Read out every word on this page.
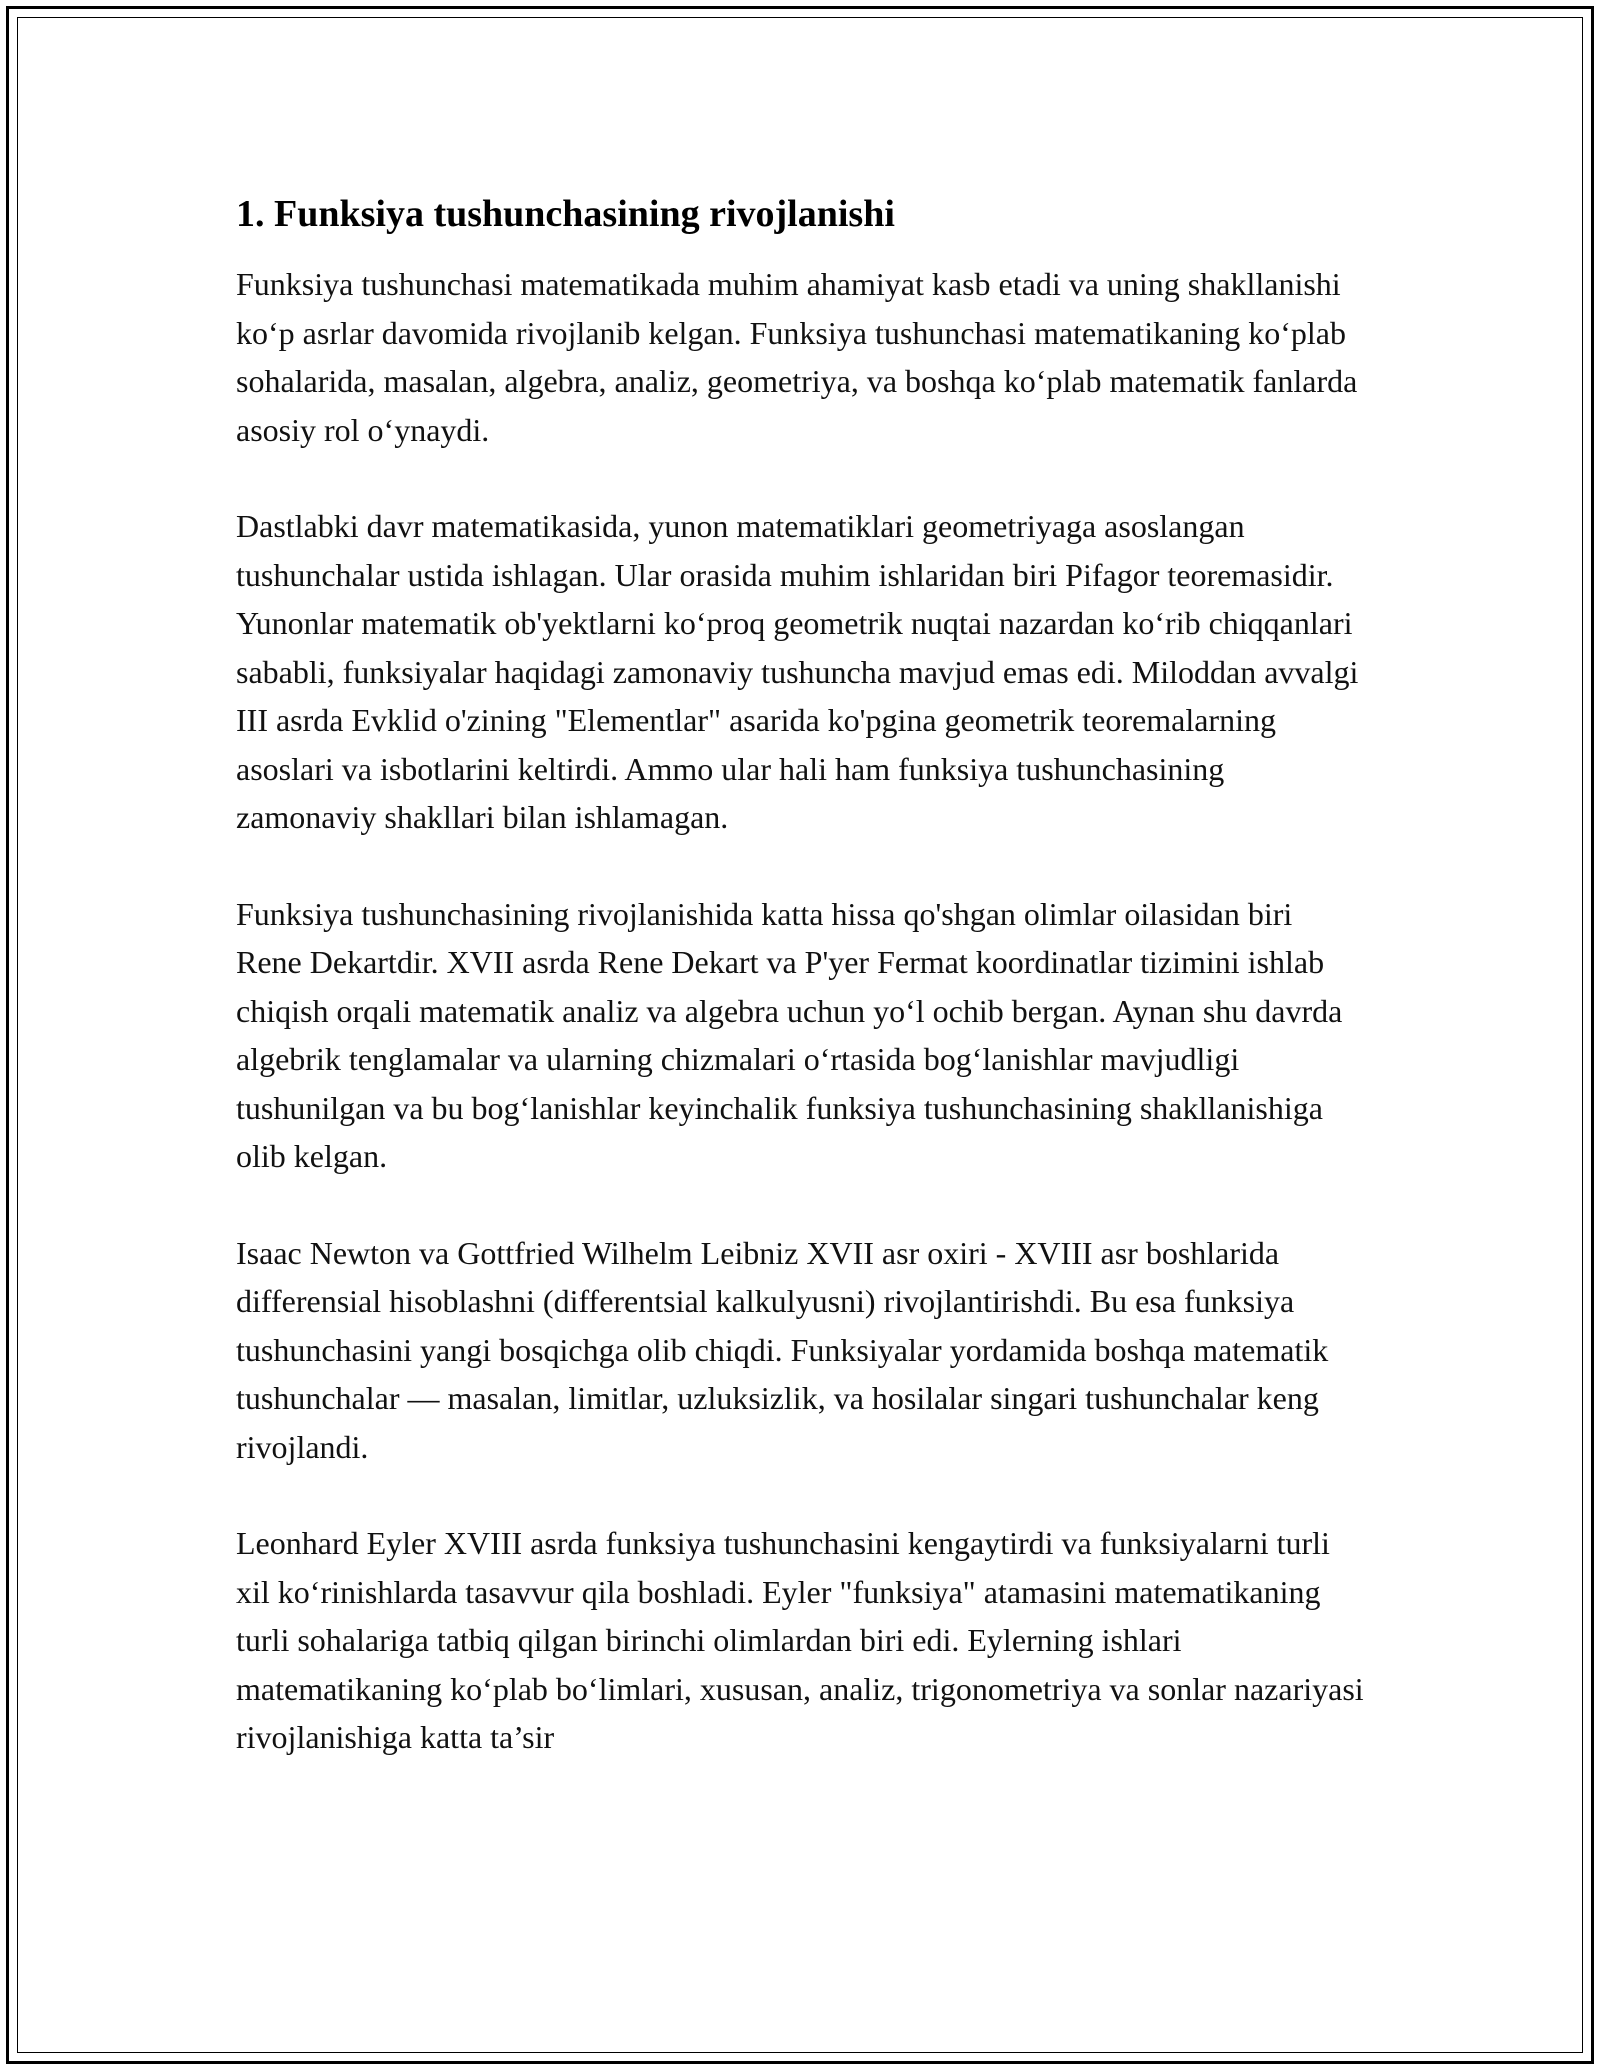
1. Funksiya tushunchasining rivojlanishi

Funksiya tushunchasi matematikada muhim ahamiyat kasb etadi va uning shakllanishi ko‘p asrlar davomida rivojlanib kelgan. Funksiya tushunchasi matematikaning ko‘plab sohalarida, masalan, algebra, analiz, geometriya, va boshqa ko‘plab matematik fanlarda asosiy rol o‘ynaydi.

Dastlabki davr matematikasida, yunon matematiklari geometriyaga asoslangan tushunchalar ustida ishlagan. Ular orasida muhim ishlaridan biri Pifagor teoremasidir. Yunonlar matematik ob'yektlarni ko‘proq geometrik nuqtai nazardan ko‘rib chiqqanlari sababli, funksiyalar haqidagi zamonaviy tushuncha mavjud emas edi. Miloddan avvalgi III asrda Evklid o'zining "Elementlar" asarida ko'pgina geometrik teoremalarning asoslari va isbotlarini keltirdi. Ammo ular hali ham funksiya tushunchasining zamonaviy shakllari bilan ishlamagan.

Funksiya tushunchasining rivojlanishida katta hissa qo'shgan olimlar oilasidan biri Rene Dekartdir. XVII asrda Rene Dekart va P'yer Fermat koordinatlar tizimini ishlab chiqish orqali matematik analiz va algebra uchun yo‘l ochib bergan. Aynan shu davrda algebrik tenglamalar va ularning chizmalari o‘rtasida bog‘lanishlar mavjudligi tushunilgan va bu bog‘lanishlar keyinchalik funksiya tushunchasining shakllanishiga olib kelgan.

Isaac Newton va Gottfried Wilhelm Leibniz XVII asr oxiri - XVIII asr boshlarida differensial hisoblashni (differentsial kalkulyusni) rivojlantirishdi. Bu esa funksiya tushunchasini yangi bosqichga olib chiqdi. Funksiyalar yordamida boshqa matematik tushunchalar — masalan, limitlar, uzluksizlik, va hosilalar singari tushunchalar keng rivojlandi.

Leonhard Eyler XVIII asrda funksiya tushunchasini kengaytirdi va funksiyalarni turli xil ko‘rinishlarda tasavvur qila boshladi. Eyler "funksiya" atamasini matematikaning turli sohalariga tatbiq qilgan birinchi olimlardan biri edi. Eylerning ishlari matematikaning ko‘plab bo‘limlari, xususan, analiz, trigonometriya va sonlar nazariyasi rivojlanishiga katta ta’sir
